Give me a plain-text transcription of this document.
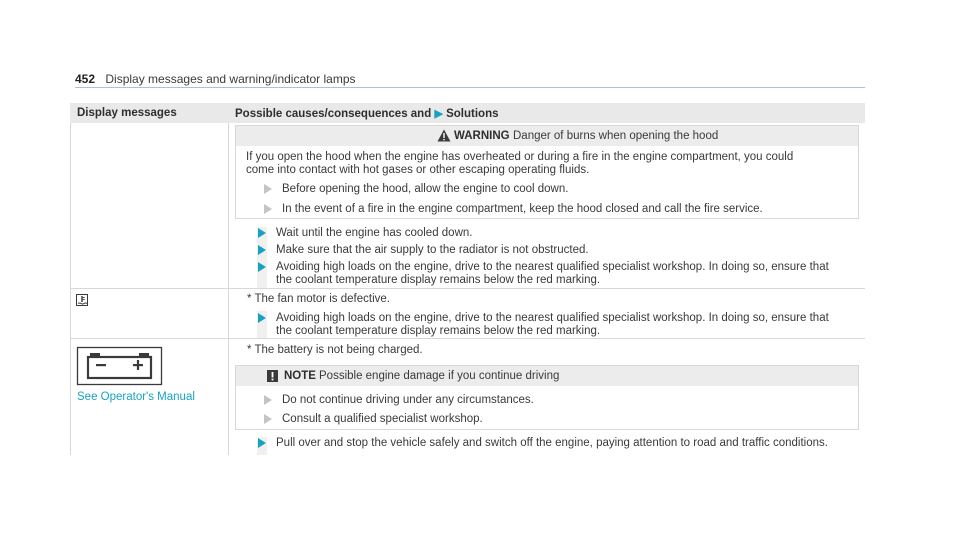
452 Display messages and warning/indicator lamps
Display messages	Possible causes/consequences and ▶ Solutions
WARNING Danger of burns when opening the hood
If you open the hood when the engine has overheated or during a fire in the engine compartment, you could
come into contact with hot gases or other escaping operating fluids.
Before opening the hood, allow the engine to cool down.
In the event of a fire in the engine compartment, keep the hood closed and call the fire service.
Wait until the engine has cooled down.
Make sure that the air supply to the radiator is not obstructed.
Avoiding high loads on the engine, drive to the nearest qualified specialist workshop. In doing so, ensure that
the coolant temperature display remains below the red marking.
* The fan motor is defective.
Avoiding high loads on the engine, drive to the nearest qualified specialist workshop. In doing so, ensure that
the coolant temperature display remains below the red marking.
See Operator's Manual
* The battery is not being charged.
NOTE Possible engine damage if you continue driving
Do not continue driving under any circumstances.
Consult a qualified specialist workshop.
Pull over and stop the vehicle safely and switch off the engine, paying attention to road and traffic conditions.
